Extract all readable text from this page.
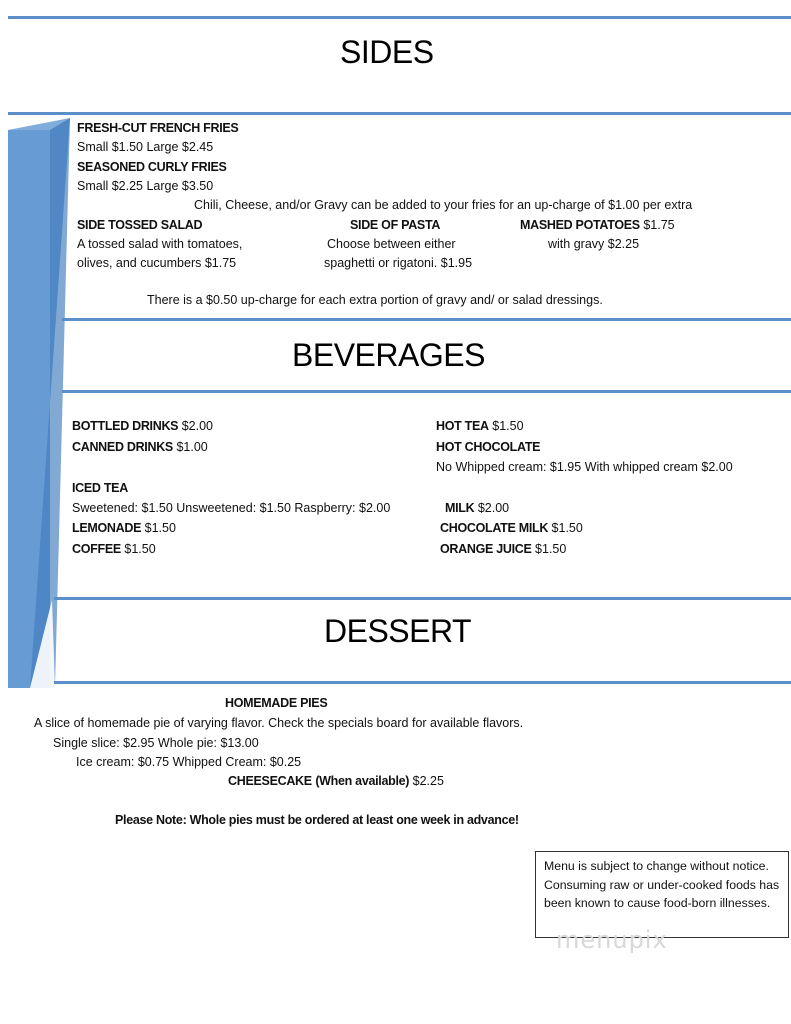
SIDES
FRESH-CUT FRENCH FRIES
Small $1.50 Large $2.45
SEASONED CURLY FRIES
Small $2.25 Large $3.50
Chili, Cheese, and/or Gravy can be added to your fries for an up-charge of $1.00 per extra
SIDE TOSSED SALAD
A tossed salad with tomatoes,
olives, and cucumbers $1.75
SIDE OF PASTA
Choose between either
spaghetti or rigatoni. $1.95
MASHED POTATOES $1.75
with gravy $2.25
There is a $0.50 up-charge for each extra portion of gravy and/ or salad dressings.
BEVERAGES
BOTTLED DRINKS $2.00
CANNED DRINKS $1.00
ICED TEA
Sweetened: $1.50 Unsweetened: $1.50 Raspberry: $2.00
LEMONADE $1.50
COFFEE $1.50
HOT TEA $1.50
HOT CHOCOLATE
No Whipped cream: $1.95 With whipped cream $2.00
MILK $2.00
CHOCOLATE MILK $1.50
ORANGE JUICE $1.50
DESSERT
HOMEMADE PIES
A slice of homemade pie of varying flavor. Check the specials board for available flavors.
Single slice: $2.95 Whole pie: $13.00
Ice cream: $0.75 Whipped Cream: $0.25
CHEESECAKE (When available) $2.25
Please Note: Whole pies must be ordered at least one week in advance!
Menu is subject to change without notice. Consuming raw or under-cooked foods has been known to cause food-born illnesses.
menupix
